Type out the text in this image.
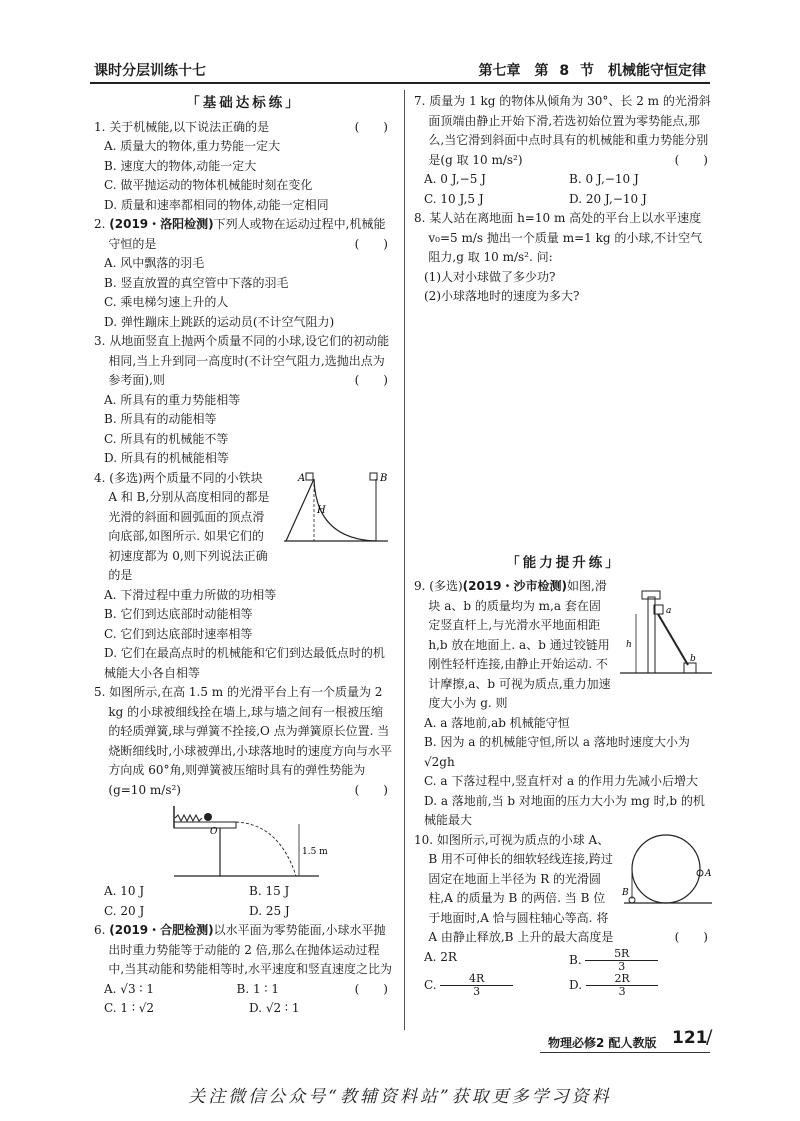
课时分层训练十七	第七章　第 8 节　机械能守恒定律
「基础达标练」
1. 关于机械能,以下说法正确的是	(　　)
A. 质量大的物体,重力势能一定大
B. 速度大的物体,动能一定大
C. 做平抛运动的物体机械能时刻在变化
D. 质量和速率都相同的物体,动能一定相同
2. (2019・洛阳检测)下列人或物在运动过程中,机械能守恒的是	(　　)
A. 风中飘落的羽毛
B. 竖直放置的真空管中下落的羽毛
C. 乘电梯匀速上升的人
D. 弹性蹦床上跳跃的运动员(不计空气阻力)
3. 从地面竖直上抛两个质量不同的小球,设它们的初动能相同,当上升到同一高度时(不计空气阻力,选抛出点为参考面),则	(　　)
A. 所具有的重力势能相等
B. 所具有的动能相等
C. 所具有的机械能不等
D. 所具有的机械能相等
A	B
H
4. (多选)两个质量不同的小铁块 A 和 B,分别从高度相同的都是光滑的斜面和圆弧面的顶点滑向底部,如图所示. 如果它们的初速度都为 0,则下列说法正确的是
A. 下滑过程中重力所做的功相等
B. 它们到达底部时动能相等
C. 它们到达底部时速率相等
D. 它们在最高点时的机械能和它们到达最低点时的机械能大小各自相等
5. 如图所示,在高 1.5 m 的光滑平台上有一个质量为 2 kg 的小球被细线拴在墙上,球与墙之间有一根被压缩的轻质弹簧,球与弹簧不拴接,O 点为弹簧原长位置. 当烧断细线时,小球被弹出,小球落地时的速度方向与水平方向成 60°角,则弹簧被压缩时具有的弹性势能为(g=10 m/s²)	(　　)
O
1.5 m
A. 10 J	B. 15 J
C. 20 J	D. 25 J
6. (2019・合肥检测)以水平面为零势能面,小球水平抛出时重力势能等于动能的 2 倍,那么在抛体运动过程中,当其动能和势能相等时,水平速度和竖直速度之比为
(　　)
A. √3 ∶ 1	B. 1 ∶ 1
C. 1 ∶ √2	D. √2 ∶ 1
7. 质量为 1 kg 的物体从倾角为 30°、长 2 m 的光滑斜面顶端由静止开始下滑,若选初始位置为零势能点,那么,当它滑到斜面中点时具有的机械能和重力势能分别是(g 取 10 m/s²)	(　　)
A. 0 J,−5 J	B. 0 J,−10 J
C. 10 J,5 J	D. 20 J,−10 J
8. 某人站在离地面 h=10 m 高处的平台上以水平速度 v₀=5 m/s 抛出一个质量 m=1 kg 的小球,不计空气阻力,g 取 10 m/s². 问:
(1)人对小球做了多少功?
(2)小球落地时的速度为多大?
「能力提升练」
a
b
h
9. (多选)(2019・沙市检测)如图,滑块 a、b 的质量均为 m,a 套在固定竖直杆上,与光滑水平地面相距 h,b 放在地面上. a、b 通过铰链用刚性轻杆连接,由静止开始运动. 不计摩擦,a、b 可视为质点,重力加速度大小为 g. 则
A. a 落地前,ab 机械能守恒
B. 因为 a 的机械能守恒,所以 a 落地时速度大小为 √2gh
C. a 下落过程中,竖直杆对 a 的作用力先减小后增大
D. a 落地前,当 b 对地面的压力大小为 mg 时,b 的机械能最大
A
B
10. 如图所示,可视为质点的小球 A、B 用不可伸长的细软轻线连接,跨过固定在地面上半径为 R 的光滑圆柱,A 的质量为 B 的两倍. 当 B 位于地面时,A 恰与圆柱轴心等高. 将 A 由静止释放,B 上升的最大高度是	(　　)
A. 2R	B. $\frac{5R}{3}$
C. $\frac{4R}{3}$	D. $\frac{2R}{3}$
物理必修2 配人教版 121
/
关注微信公众号“教辅资料站”获取更多学习资料
